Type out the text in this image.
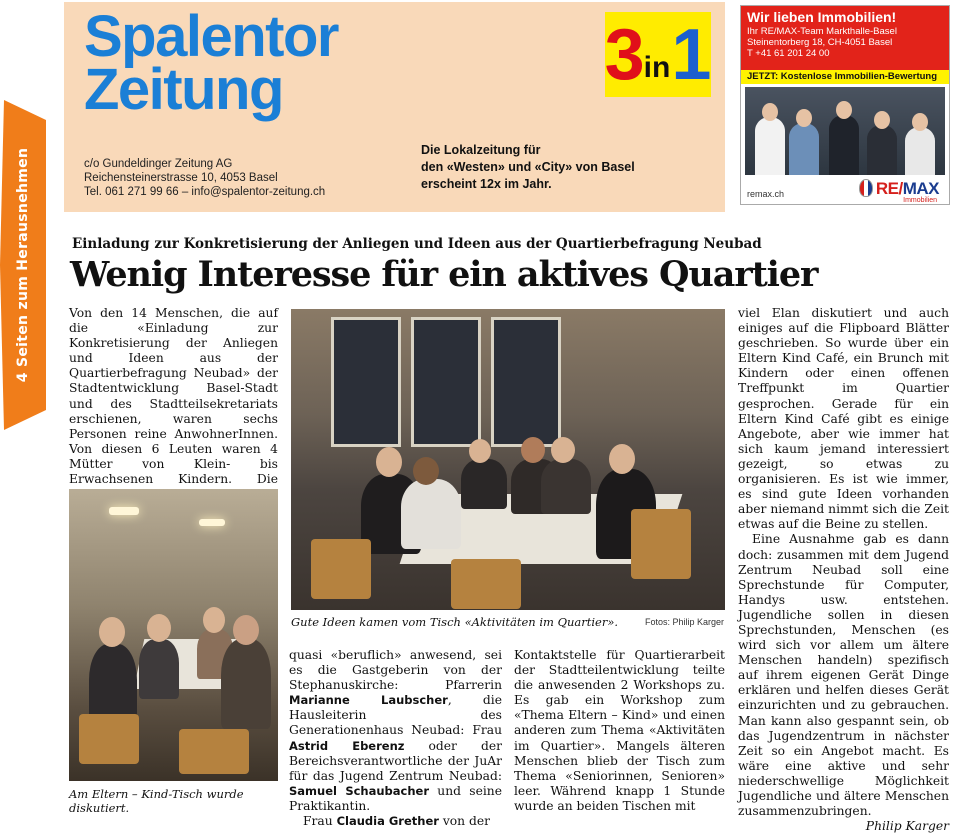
4 Seiten zum Herausnehmen
Spalentor
Zeitung
c/o Gundeldinger Zeitung AG
Reichensteinerstrasse 10, 4053 Basel
Tel. 061 271 99 66 – info@spalentor-zeitung.ch
Die Lokalzeitung für
den «Westen» und «City» von Basel
erscheint 12x im Jahr.
3 in 1	Wir lieben Immobilien!
Ihr RE/MAX-Team Markthalle-Basel
Steinentorberg 18, CH-4051 Basel
T +41 61 201 24 00
JETZT: Kostenlose Immobilien-Bewertung
remax.ch	RE/MAX
Immobilien
Einladung zur Konkretisierung der Anliegen und Ideen aus der Quartierbefragung Neubad
Wenig Interesse für ein aktives Quartier

Von den 14 Menschen, die auf die «Einladung zur Konkretisierung der Anliegen und Ideen aus der Quartierbefragung Neubad» der Stadtentwicklung Basel-Stadt und des Stadtteilsekretariats erschienen, waren sechs Personen reine AnwohnerInnen. Von diesen 6 Leuten waren 4 Mütter von Klein- bis Erwachsenen Kindern. Die

Am Eltern – Kind-Tisch wurde diskutiert.
Gute Ideen kamen vom Tisch «Aktivitäten im Quartier».	Fotos: Philip Karger

quasi «beruflich» anwesend, sei es die Gastgeberin von der Stephanuskirche: Pfarrerin Marianne Laubscher, die Hausleiterin des Generationenhaus Neubad: Frau Astrid Eberenz oder der Bereichsverantwortliche der JuAr für das Jugend Zentrum Neubad: Samuel Schaubacher und seine Praktikantin.

Frau Claudia Grether von der

Kontaktstelle für Quartierarbeit der Stadtteilentwicklung teilte die anwesenden 2 Workshops zu. Es gab ein Workshop zum «Thema Eltern – Kind» und einen anderen zum Thema «Aktivitäten im Quartier». Mangels älteren Menschen blieb der Tisch zum Thema «Seniorinnen, Senioren» leer. Während knapp 1 Stunde wurde an beiden Tischen mit

viel Elan diskutiert und auch einiges auf die Flipboard Blätter geschrieben. So wurde über ein Eltern Kind Café, ein Brunch mit Kindern oder einen offenen Treffpunkt im Quartier gesprochen. Gerade für ein Eltern Kind Café gibt es einige Angebote, aber wie immer hat sich kaum jemand interessiert gezeigt, so etwas zu organisieren. Es ist wie immer, es sind gute Ideen vorhanden aber niemand nimmt sich die Zeit etwas auf die Beine zu stellen.

Eine Ausnahme gab es dann doch: zusammen mit dem Jugend Zentrum Neubad soll eine Sprechstunde für Computer, Handys usw. entstehen. Jugendliche sollen in diesen Sprechstunden, Menschen (es wird sich vor allem um ältere Menschen handeln) spezifisch auf ihrem eigenen Gerät Dinge erklären und helfen dieses Gerät einzurichten und zu gebrauchen. Man kann also gespannt sein, ob das Jugendzentrum in nächster Zeit so ein Angebot macht. Es wäre eine aktive und sehr niederschwellige Möglichkeit Jugendliche und ältere Menschen zusammenzubringen.

Philip Karger
